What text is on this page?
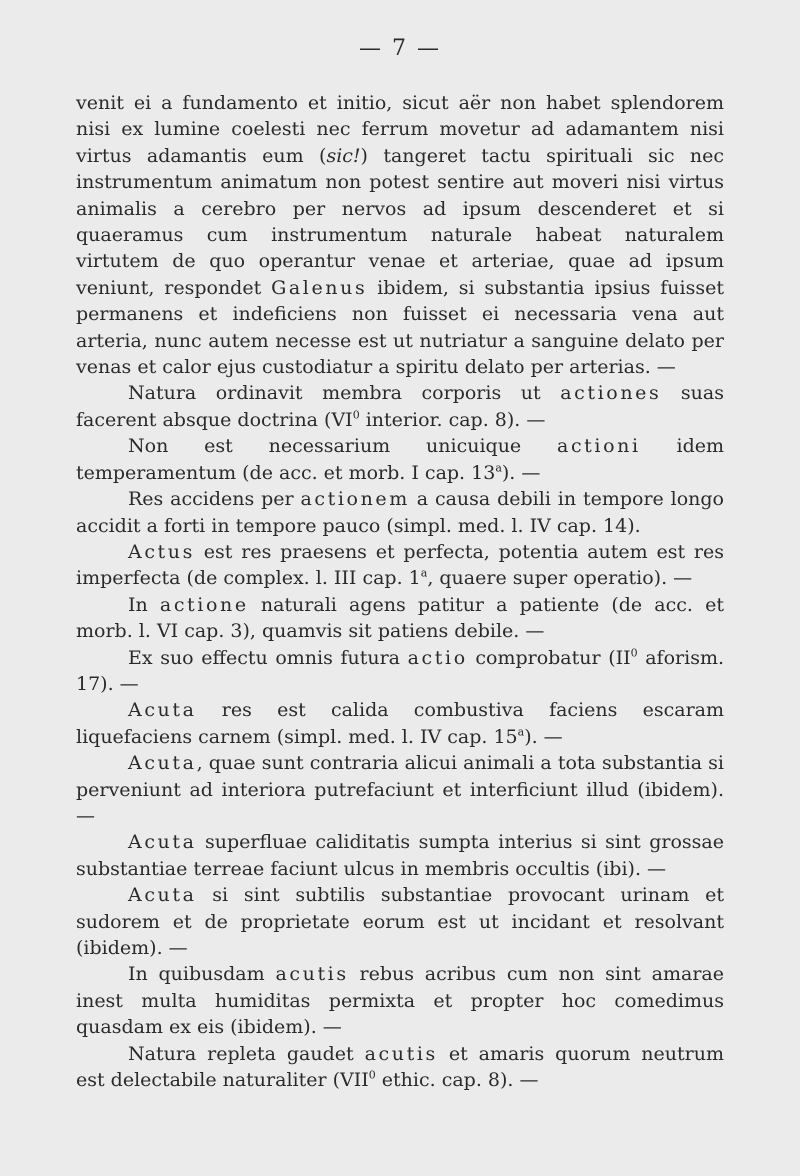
— 7 —

venit ei a fundamento et initio, sicut aër non habet splendorem nisi ex lumine coelesti nec ferrum movetur ad adamantem nisi virtus adamantis eum (sic!) tangeret tactu spirituali sic nec instrumentum animatum non potest sentire aut moveri nisi virtus animalis a cerebro per nervos ad ipsum descenderet et si quaeramus cum instrumentum naturale habeat naturalem virtutem de quo operantur venae et arteriae, quae ad ipsum veniunt, respondet Galenus ibidem, si substantia ipsius fuisset permanens et indeficiens non fuisset ei necessaria vena aut arteria, nunc autem necesse est ut nutriatur a sanguine delato per venas et calor ejus custodiatur a spiritu delato per arterias. —

Natura ordinavit membra corporis ut actiones suas facerent absque doctrina ($VI^0$ interior. cap. 8). —

Non est necessarium unicuique actioni idem temperamentum (de acc. et morb. I cap. 13$^a$). —

Res accidens per actionem a causa debili in tempore longo accidit a forti in tempore pauco (simpl. med. l. IV cap. 14).

Actus est res praesens et perfecta, potentia autem est res imperfecta (de complex. l. III cap. 1$^a$, quaere super operatio). —

In actione naturali agens patitur a patiente (de acc. et morb. l. VI cap. 3), quamvis sit patiens debile. —

Ex suo effectu omnis futura actio comprobatur ($II^0$ aforism. 17). —

Acuta res est calida combustiva faciens escaram liquefaciens carnem (simpl. med. l. IV cap. 15$^a$). —

Acuta, quae sunt contraria alicui animali a tota substantia si perveniunt ad interiora putrefaciunt et interficiunt illud (ibidem). —

Acuta superfluae caliditatis sumpta interius si sint grossae substantiae terreae faciunt ulcus in membris occultis (ibi). —

Acuta si sint subtilis substantiae provocant urinam et sudorem et de proprietate eorum est ut incidant et resolvant (ibidem). —

In quibusdam acutis rebus acribus cum non sint amarae inest multa humiditas permixta et propter hoc comedimus quasdam ex eis (ibidem). —

Natura repleta gaudet acutis et amaris quorum neutrum est delectabile naturaliter (VII$^0$ ethic. cap. 8). —
